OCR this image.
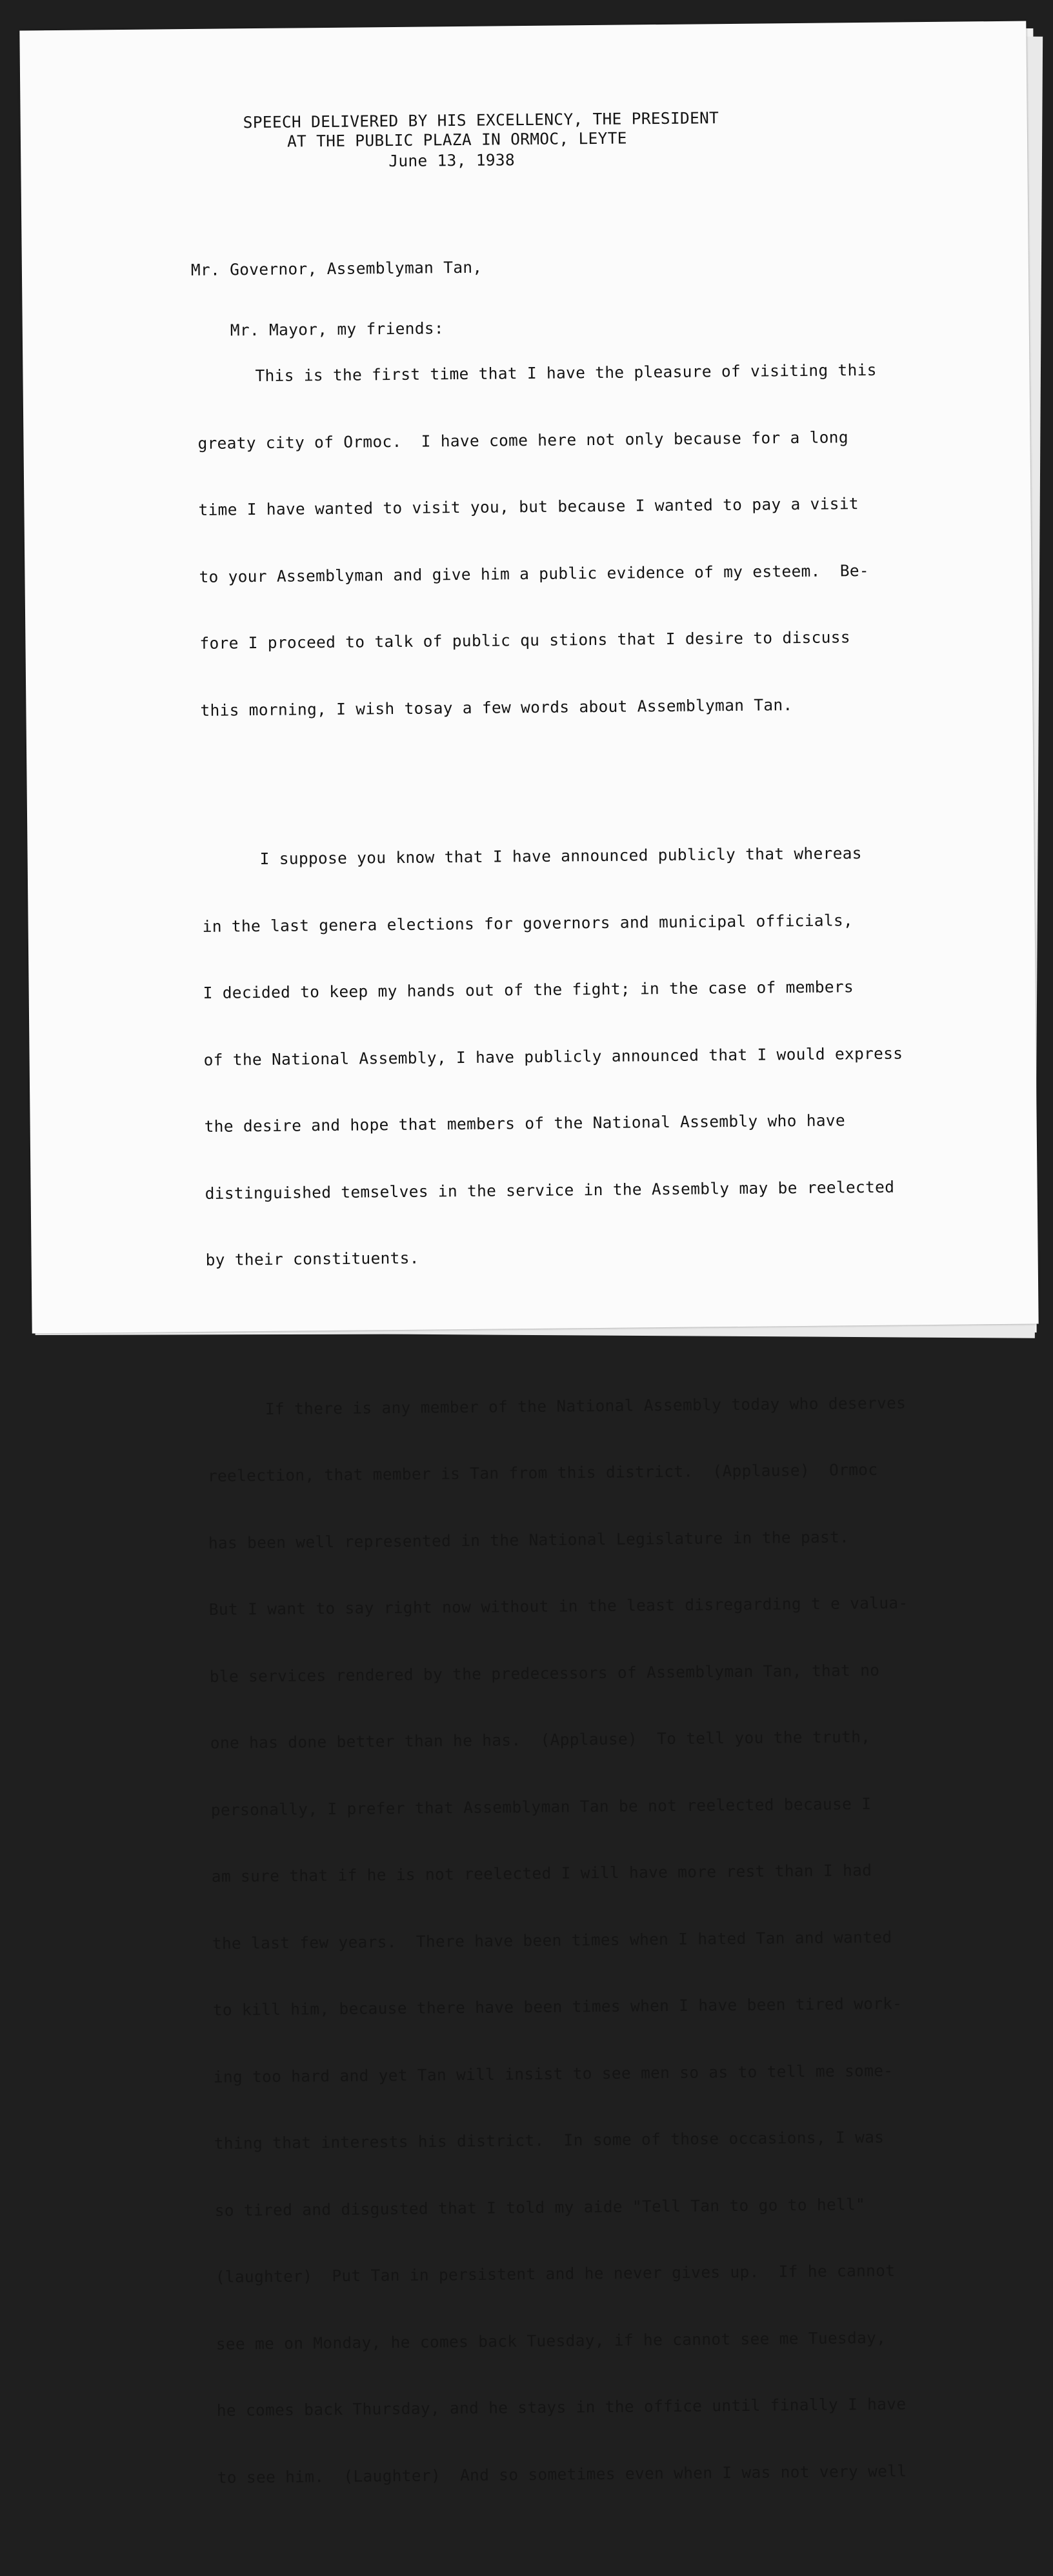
SPEECH DELIVERED BY HIS EXCELLENCY, THE PRESIDENT
AT THE PUBLIC PLAZA IN ORMOC, LEYTE
June 13, 1938

Mr. Governor, Assemblyman Tan,

Mr. Mayor, my friends:

This is the first time that I have the pleasure of visiting this

greaty city of Ormoc.  I have come here not only because for a long

time I have wanted to visit you, but because I wanted to pay a visit

to your Assemblyman and give him a public evidence of my esteem.  Be-

fore I proceed to talk of public qu stions that I desire to discuss

this morning, I wish tosay a few words about Assemblyman Tan.

I suppose you know that I have announced publicly that whereas

in the last genera elections for governors and municipal officials,

I decided to keep my hands out of the fight; in the case of members

of the National Assembly, I have publicly announced that I would express

the desire and hope that members of the National Assembly who have

distinguished temselves in the service in the Assembly may be reelected

by their constituents.

If there is any member of the National Assembly today who deserves

reelection, that member is Tan from this district.  (Applause)  Ormoc

has been well represented in the National Legislature in the past.

But I want to say right now without in the least disregarding t e valua-

ble services rendered by the predecessors of Assemblyman Tan, that no

one has done better than he has.  (Applause)  To tell you the truth,

personally, I prefer that Assemblyman Tan be not reelected because I

am sure that if he is not reelected I will have more rest than I had

the last few years.  There have been times when I hated Tan and wanted

to kill him, because there have been times when I have been tired work-

ing too hard and yet Tan will insist to see men so as to tell me some-

thing that interests his district.  In some of those occasions, I was

so tired and disgusted that I told my aide "Tell Tan to go to hell"

(laughter)  Put Tan in persistent and he never gives up.  If he cannot

see me on Monday, he comes back Tuesday, if he cannot see me Tuesday,

he comes back Thursday, and he stays in the office until finally I have

to see him.  (Laughter)  And so sometimes even when I was not very well
